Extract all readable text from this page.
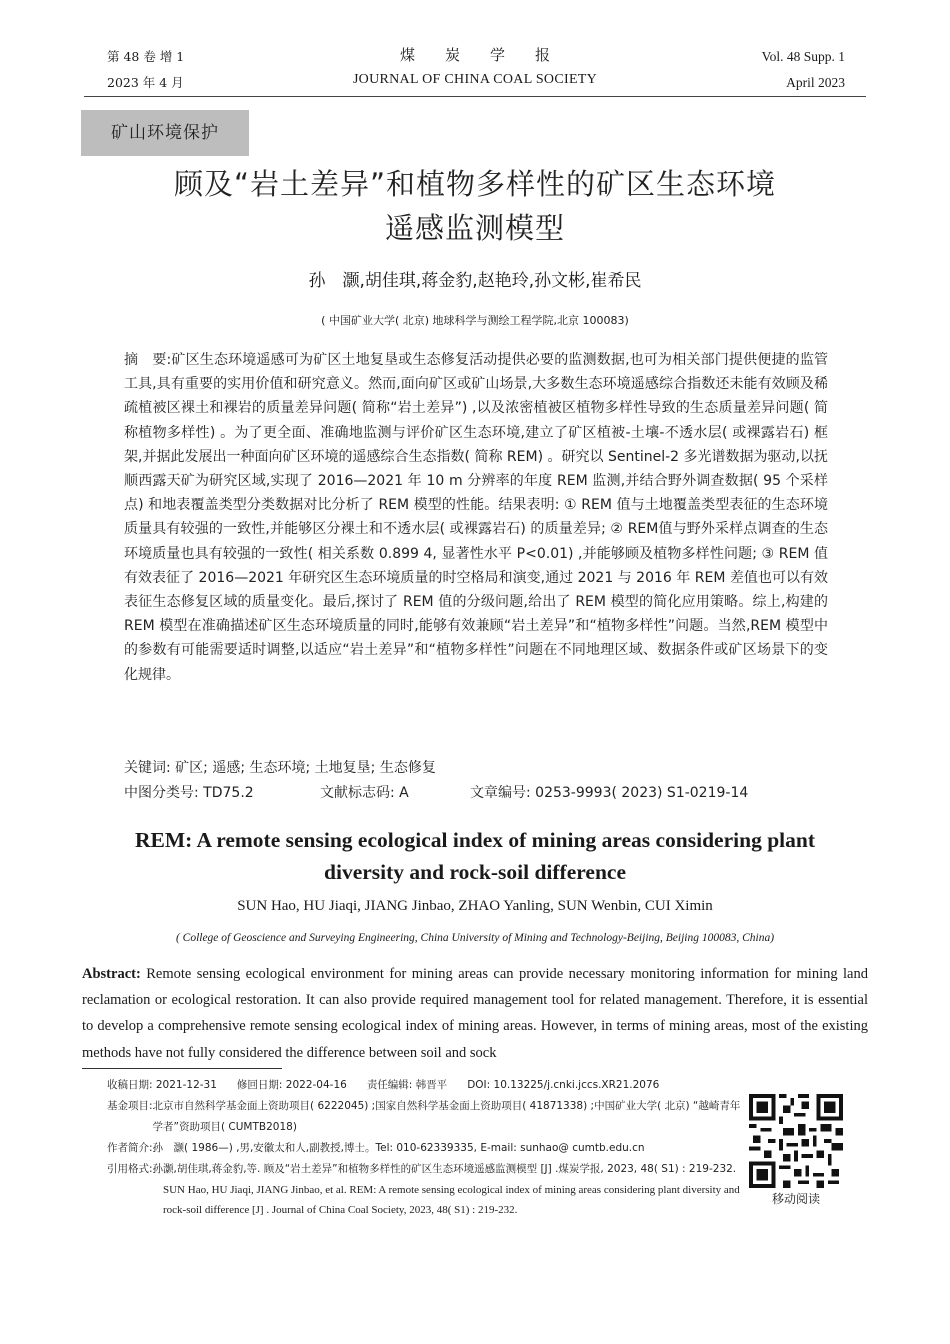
第 48 卷 增 1
2023 年 4 月
煤炭学报
JOURNAL OF CHINA COAL SOCIETY
Vol. 48 Supp. 1
April 2023
矿山环境保护
顾及“岩土差异”和植物多样性的矿区生态环境
遥感监测模型
孙　灏,胡佳琪,蒋金豹,赵艳玲,孙文彬,崔希民
( 中国矿业大学( 北京) 地球科学与测绘工程学院,北京 100083)
摘　要:矿区生态环境遥感可为矿区土地复垦或生态修复活动提供必要的监测数据,也可为相关部门提供便捷的监管工具,具有重要的实用价值和研究意义。然而,面向矿区或矿山场景,大多数生态环境遥感综合指数还未能有效顾及稀疏植被区裸土和裸岩的质量差异问题( 简称“岩土差异”) ,以及浓密植被区植物多样性导致的生态质量差异问题( 简称植物多样性) 。为了更全面、准确地监测与评价矿区生态环境,建立了矿区植被-土壤-不透水层( 或裸露岩石) 框架,并据此发展出一种面向矿区环境的遥感综合生态指数( 简称 REM) 。研究以 Sentinel-2 多光谱数据为驱动,以抚顺西露天矿为研究区域,实现了 2016—2021 年 10 m 分辨率的年度 REM 监测,并结合野外调查数据( 95 个采样点) 和地表覆盖类型分类数据对比分析了 REM 模型的性能。结果表明: ① REM 值与土地覆盖类型表征的生态环境质量具有较强的一致性,并能够区分裸土和不透水层( 或裸露岩石) 的质量差异; ② REM值与野外采样点调查的生态环境质量也具有较强的一致性( 相关系数 0.899 4, 显著性水平 P<0.01) ,并能够顾及植物多样性问题; ③ REM 值有效表征了 2016—2021 年研究区生态环境质量的时空格局和演变,通过 2021 与 2016 年 REM 差值也可以有效表征生态修复区域的质量变化。最后,探讨了 REM 值的分级问题,给出了 REM 模型的简化应用策略。综上,构建的 REM 模型在准确描述矿区生态环境质量的同时,能够有效兼顾“岩土差异”和“植物多样性”问题。当然,REM 模型中的参数有可能需要适时调整,以适应“岩土差异”和“植物多样性”问题在不同地理区域、数据条件或矿区场景下的变化规律。
关键词: 矿区; 遥感; 生态环境; 土地复垦; 生态修复
中图分类号: TD75.2	文献标志码: A	文章编号: 0253-9993( 2023) S1-0219-14
REM: A remote sensing ecological index of mining areas considering plant
diversity and rock-soil difference
SUN Hao, HU Jiaqi, JIANG Jinbao, ZHAO Yanling, SUN Wenbin, CUI Ximin
( College of Geoscience and Surveying Engineering, China University of Mining and Technology-Beijing, Beijing 100083, China)
Abstract: Remote sensing ecological environment for mining areas can provide necessary monitoring information for mining land reclamation or ecological restoration. It can also provide required management tool for related management. Therefore, it is essential to develop a comprehensive remote sensing ecological index of mining areas. However, in terms of mining areas, most of the existing methods have not fully considered the difference between soil and sock
收稿日期: 2021-12-31 修回日期: 2022-04-16 责任编辑: 韩晋平 DOI: 10.13225/j.cnki.jccs.XR21.2076
基金项目: 北京市自然科学基金面上资助项目( 6222045) ;国家自然科学基金面上资助项目( 41871338) ;中国矿业大学( 北京) “越崎青年学者”资助项目( CUMTB2018)
作者简介: 孙　灏( 1986—) ,男,安徽太和人,副教授,博士。Tel: 010-62339335, E-mail: sunhao@ cumtb.edu.cn
引用格式: 孙灏,胡佳琪,蒋金豹,等. 顾及“岩土差异”和植物多样性的矿区生态环境遥感监测模型 [J] .煤炭学报, 2023, 48( S1) : 219-232.
SUN Hao, HU Jiaqi, JIANG Jinbao, et al. REM: A remote sensing ecological index of mining areas considering plant diversity and rock-soil difference [J] . Journal of China Coal Society, 2023, 48( S1) : 219-232.
移动阅读
